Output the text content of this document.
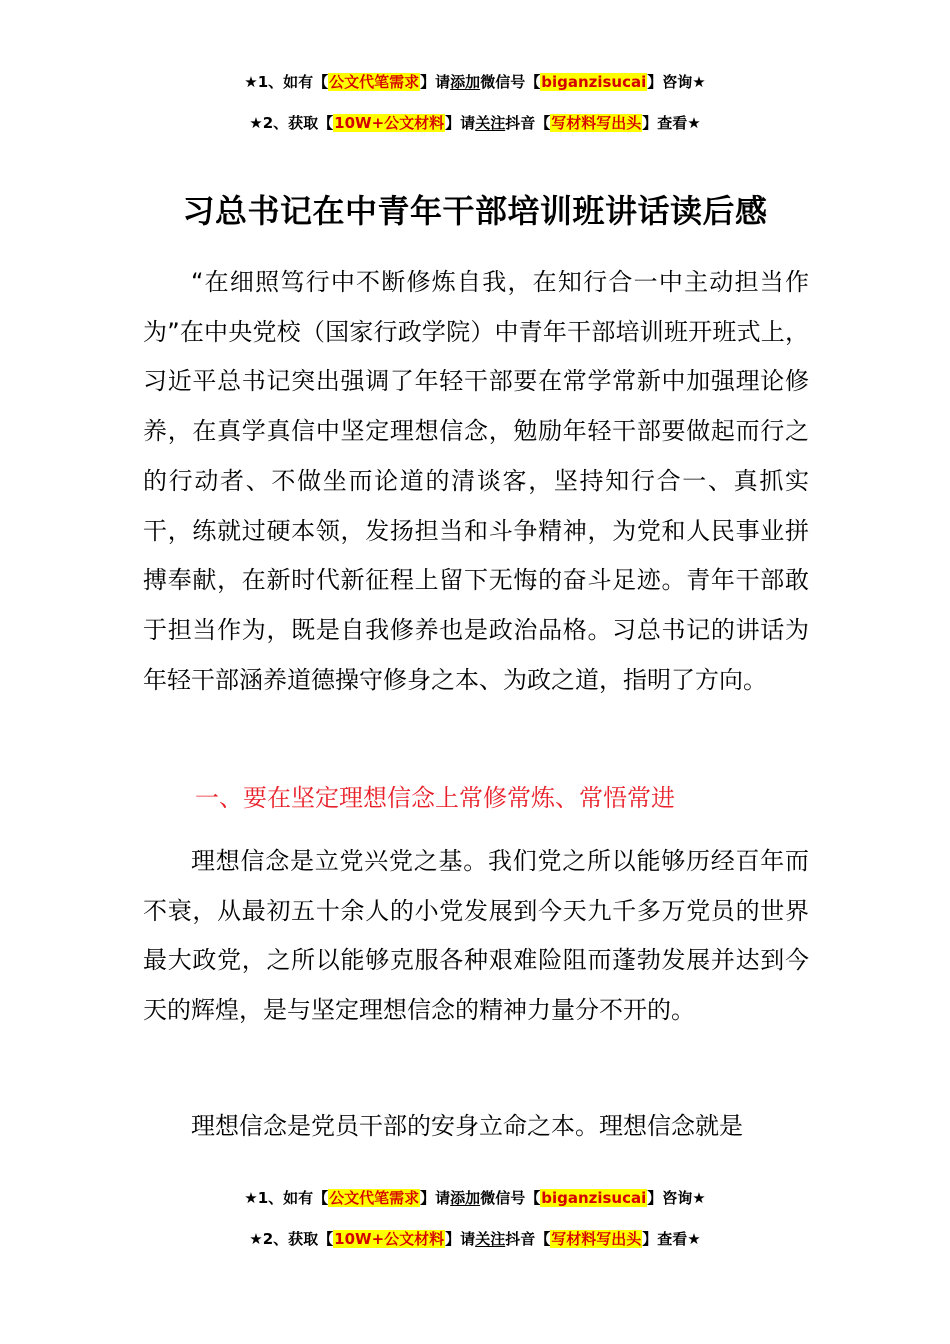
★1、如有【公文代笔需求】请添加微信号【biganzisucai】咨询★
★2、获取【10W+公文材料】请关注抖音【写材料写出头】查看★
习总书记在中青年干部培训班讲话读后感

“在细照笃行中不断修炼自我，在知行合一中主动担当作为”在中央党校（国家行政学院）中青年干部培训班开班式上，习近平总书记突出强调了年轻干部要在常学常新中加强理论修养，在真学真信中坚定理想信念，勉励年轻干部要做起而行之的行动者、不做坐而论道的清谈客，坚持知行合一、真抓实干，练就过硬本领，发扬担当和斗争精神，为党和人民事业拼搏奉献，在新时代新征程上留下无悔的奋斗足迹。青年干部敢于担当作为，既是自我修养也是政治品格。习总书记的讲话为年轻干部涵养道德操守修身之本、为政之道，指明了方向。

一、要在坚定理想信念上常修常炼、常悟常进

理想信念是立党兴党之基。我们党之所以能够历经百年而不衰，从最初五十余人的小党发展到今天九千多万党员的世界最大政党，之所以能够克服各种艰难险阻而蓬勃发展并达到今天的辉煌，是与坚定理想信念的精神力量分不开的。

理想信念是党员干部的安身立命之本。理想信念就是

★1、如有【公文代笔需求】请添加微信号【biganzisucai】咨询★
★2、获取【10W+公文材料】请关注抖音【写材料写出头】查看★
